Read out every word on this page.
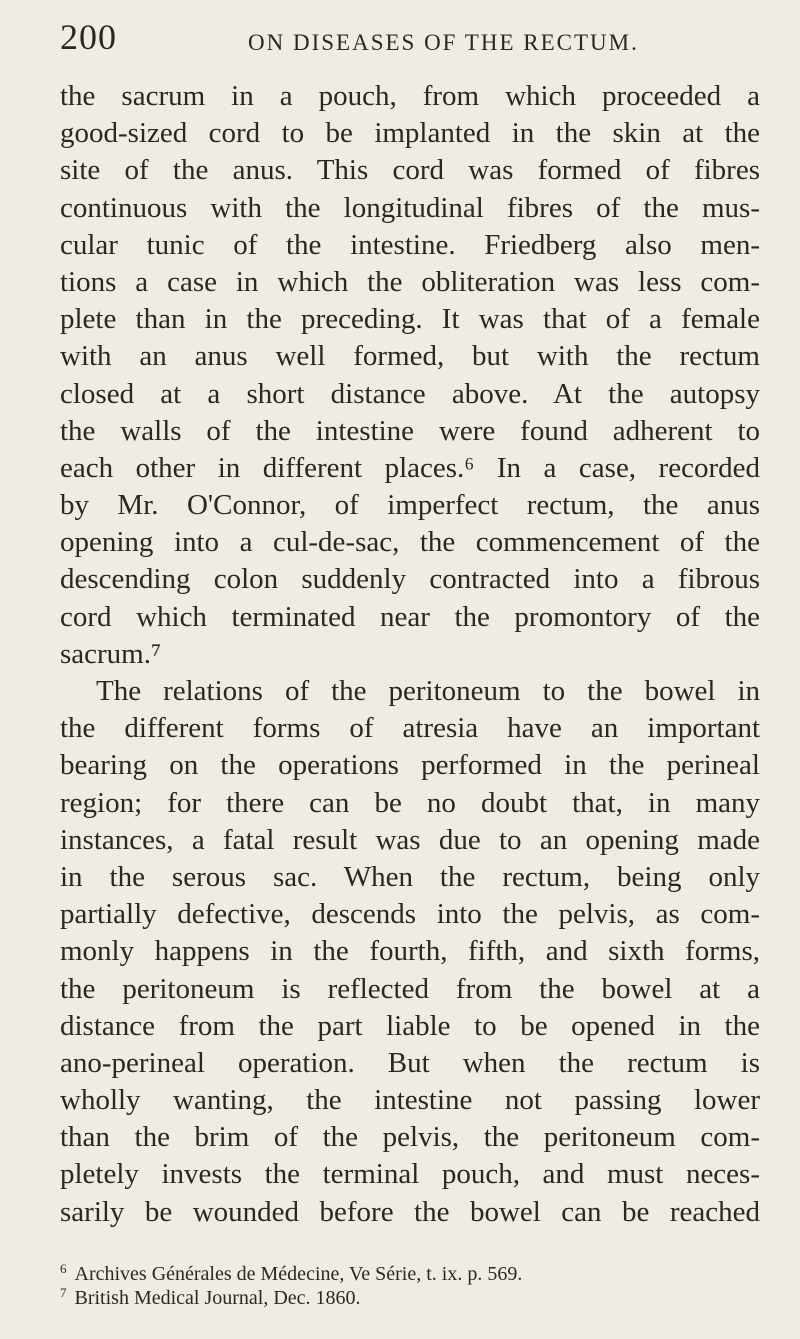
200	ON DISEASES OF THE RECTUM.
the sacrum in a pouch, from which proceeded a
good-sized cord to be implanted in the skin at the
site of the anus. This cord was formed of fibres
continuous with the longitudinal fibres of the mus-
cular tunic of the intestine. Friedberg also men-
tions a case in which the obliteration was less com-
plete than in the preceding. It was that of a female
with an anus well formed, but with the rectum
closed at a short distance above. At the autopsy
the walls of the intestine were found adherent to
each other in different places.⁶ In a case, recorded
by Mr. O'Connor, of imperfect rectum, the anus
opening into a cul-de-sac, the commencement of the
descending colon suddenly contracted into a fibrous
cord which terminated near the promontory of the
sacrum.⁷
The relations of the peritoneum to the bowel in
the different forms of atresia have an important
bearing on the operations performed in the perineal
region; for there can be no doubt that, in many
instances, a fatal result was due to an opening made
in the serous sac. When the rectum, being only
partially defective, descends into the pelvis, as com-
monly happens in the fourth, fifth, and sixth forms,
the peritoneum is reflected from the bowel at a
distance from the part liable to be opened in the
ano-perineal operation. But when the rectum is
wholly wanting, the intestine not passing lower
than the brim of the pelvis, the peritoneum com-
pletely invests the terminal pouch, and must neces-
sarily be wounded before the bowel can be reached
$^6$ Archives Générales de Médecine, Ve Série, t. ix. p. 569.
$^7$ British Medical Journal, Dec. 1860.
